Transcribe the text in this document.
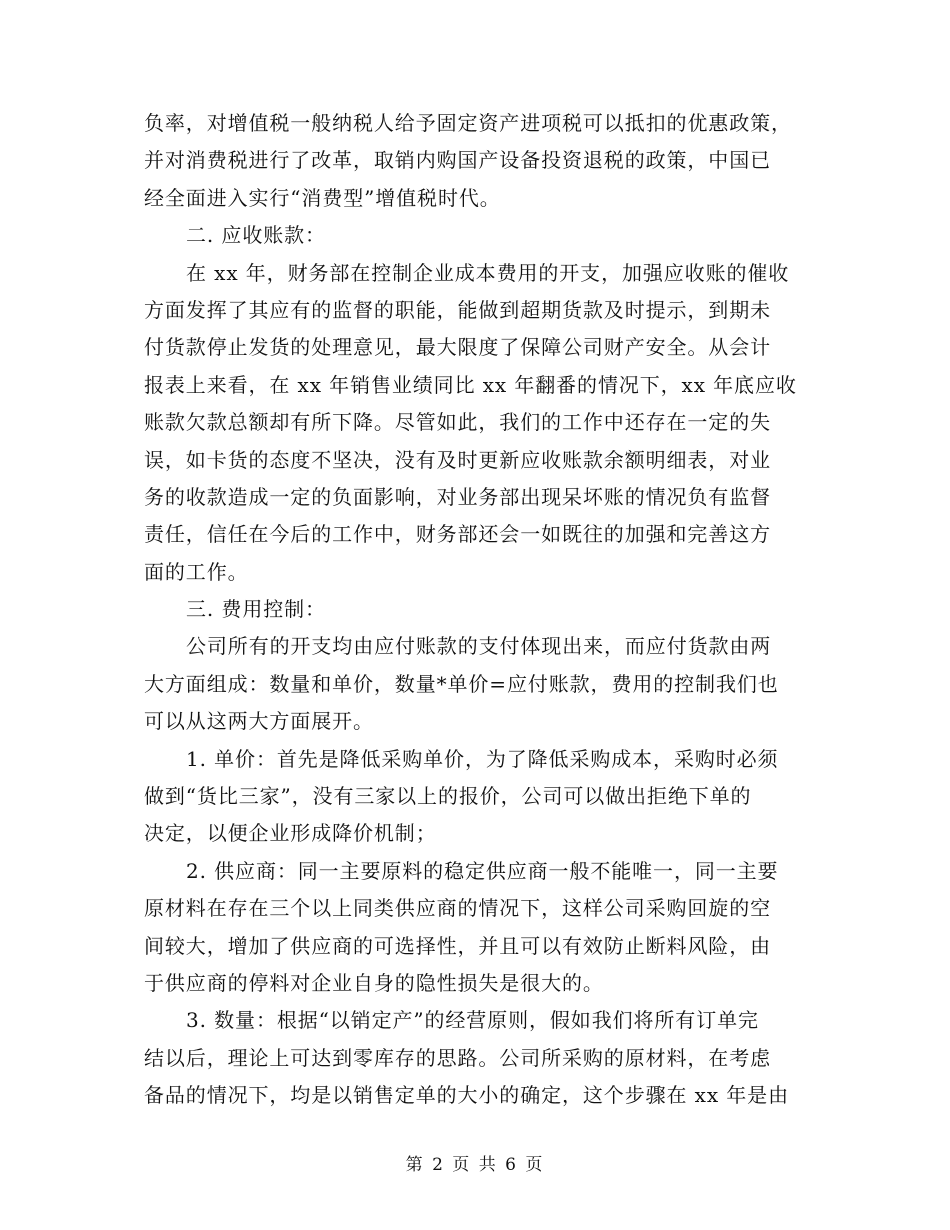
负率，对增值税一般纳税人给予固定资产进项税可以抵扣的优惠政策，
并对消费税进行了改革，取销内购国产设备投资退税的政策，中国已
经全面进入实行“消费型”增值税时代。
二. 应收账款：
在 xx 年，财务部在控制企业成本费用的开支，加强应收账的催收
方面发挥了其应有的监督的职能，能做到超期货款及时提示，到期未
付货款停止发货的处理意见，最大限度了保障公司财产安全。从会计
报表上来看，在 xx 年销售业绩同比 xx 年翻番的情况下，xx 年底应收
账款欠款总额却有所下降。尽管如此，我们的工作中还存在一定的失
误，如卡货的态度不坚决，没有及时更新应收账款余额明细表，对业
务的收款造成一定的负面影响，对业务部出现呆坏账的情况负有监督
责任，信任在今后的工作中，财务部还会一如既往的加强和完善这方
面的工作。
三. 费用控制：
公司所有的开支均由应付账款的支付体现出来，而应付货款由两
大方面组成：数量和单价，数量*单价=应付账款，费用的控制我们也
可以从这两大方面展开。
1. 单价：首先是降低采购单价，为了降低采购成本，采购时必须
做到“货比三家”，没有三家以上的报价，公司可以做出拒绝下单的
决定，以便企业形成降价机制；
2. 供应商：同一主要原料的稳定供应商一般不能唯一，同一主要
原材料在存在三个以上同类供应商的情况下，这样公司采购回旋的空
间较大，增加了供应商的可选择性，并且可以有效防止断料风险，由
于供应商的停料对企业自身的隐性损失是很大的。
3. 数量：根据“以销定产”的经营原则，假如我们将所有订单完
结以后，理论上可达到零库存的思路。公司所采购的原材料，在考虑
备品的情况下，均是以销售定单的大小的确定，这个步骤在 xx 年是由
第 2 页 共 6 页
